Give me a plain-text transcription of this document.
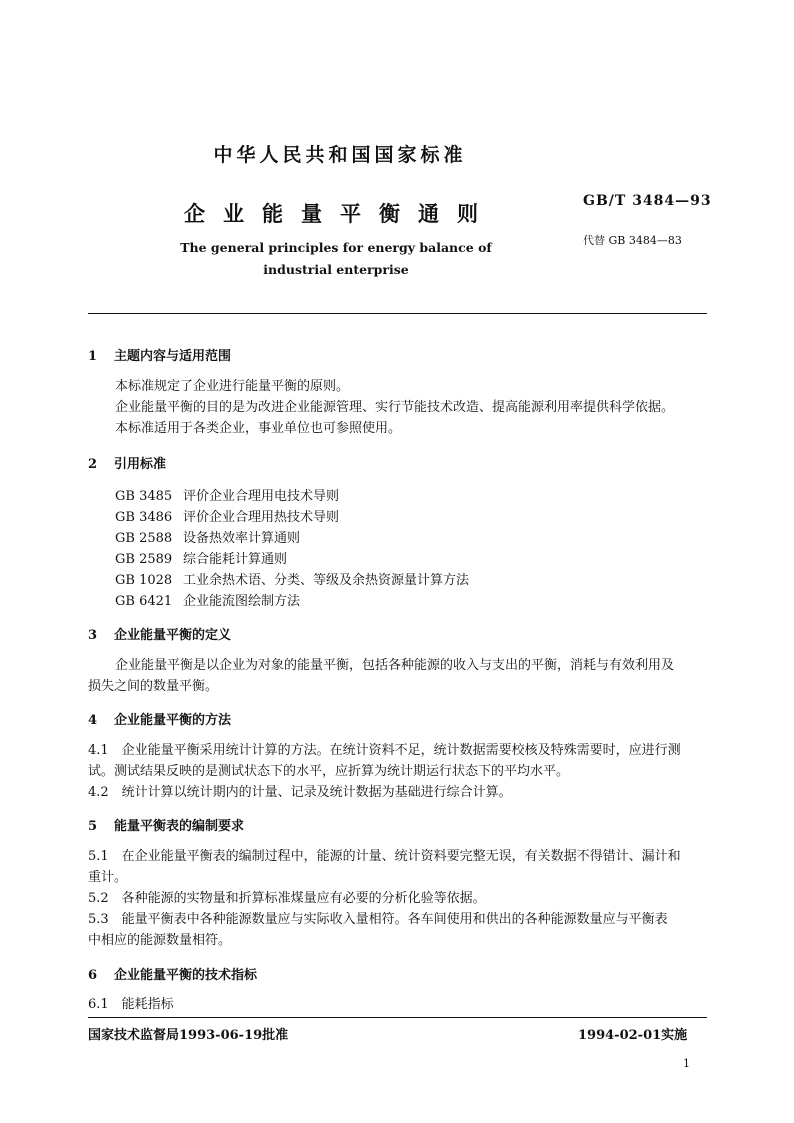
中华人民共和国国家标准
企业能量平衡通则
The general principles for energy balance of
industrial enterprise
GB/T 3484—93
代替 GB 3484—83
1 主题内容与适用范围
本标准规定了企业进行能量平衡的原则。
企业能量平衡的目的是为改进企业能源管理、实行节能技术改造、提高能源利用率提供科学依据。
本标准适用于各类企业，事业单位也可参照使用。
2 引用标准
GB 3485 评价企业合理用电技术导则
GB 3486 评价企业合理用热技术导则
GB 2588 设备热效率计算通则
GB 2589 综合能耗计算通则
GB 1028 工业余热术语、分类、等级及余热资源量计算方法
GB 6421 企业能流图绘制方法
3 企业能量平衡的定义
企业能量平衡是以企业为对象的能量平衡，包括各种能源的收入与支出的平衡，消耗与有效利用及
损失之间的数量平衡。
4 企业能量平衡的方法
4.1　企业能量平衡采用统计计算的方法。在统计资料不足，统计数据需要校核及特殊需要时，应进行测
试。测试结果反映的是测试状态下的水平，应折算为统计期运行状态下的平均水平。
4.2　统计计算以统计期内的计量、记录及统计数据为基础进行综合计算。
5 能量平衡表的编制要求
5.1　在企业能量平衡表的编制过程中，能源的计量、统计资料要完整无误，有关数据不得错计、漏计和
重计。
5.2　各种能源的实物量和折算标准煤量应有必要的分析化验等依据。
5.3　能量平衡表中各种能源数量应与实际收入量相符。各车间使用和供出的各种能源数量应与平衡表
中相应的能源数量相符。
6 企业能量平衡的技术指标
6.1　能耗指标
国家技术监督局1993-06-19批准	1994-02-01实施
1
